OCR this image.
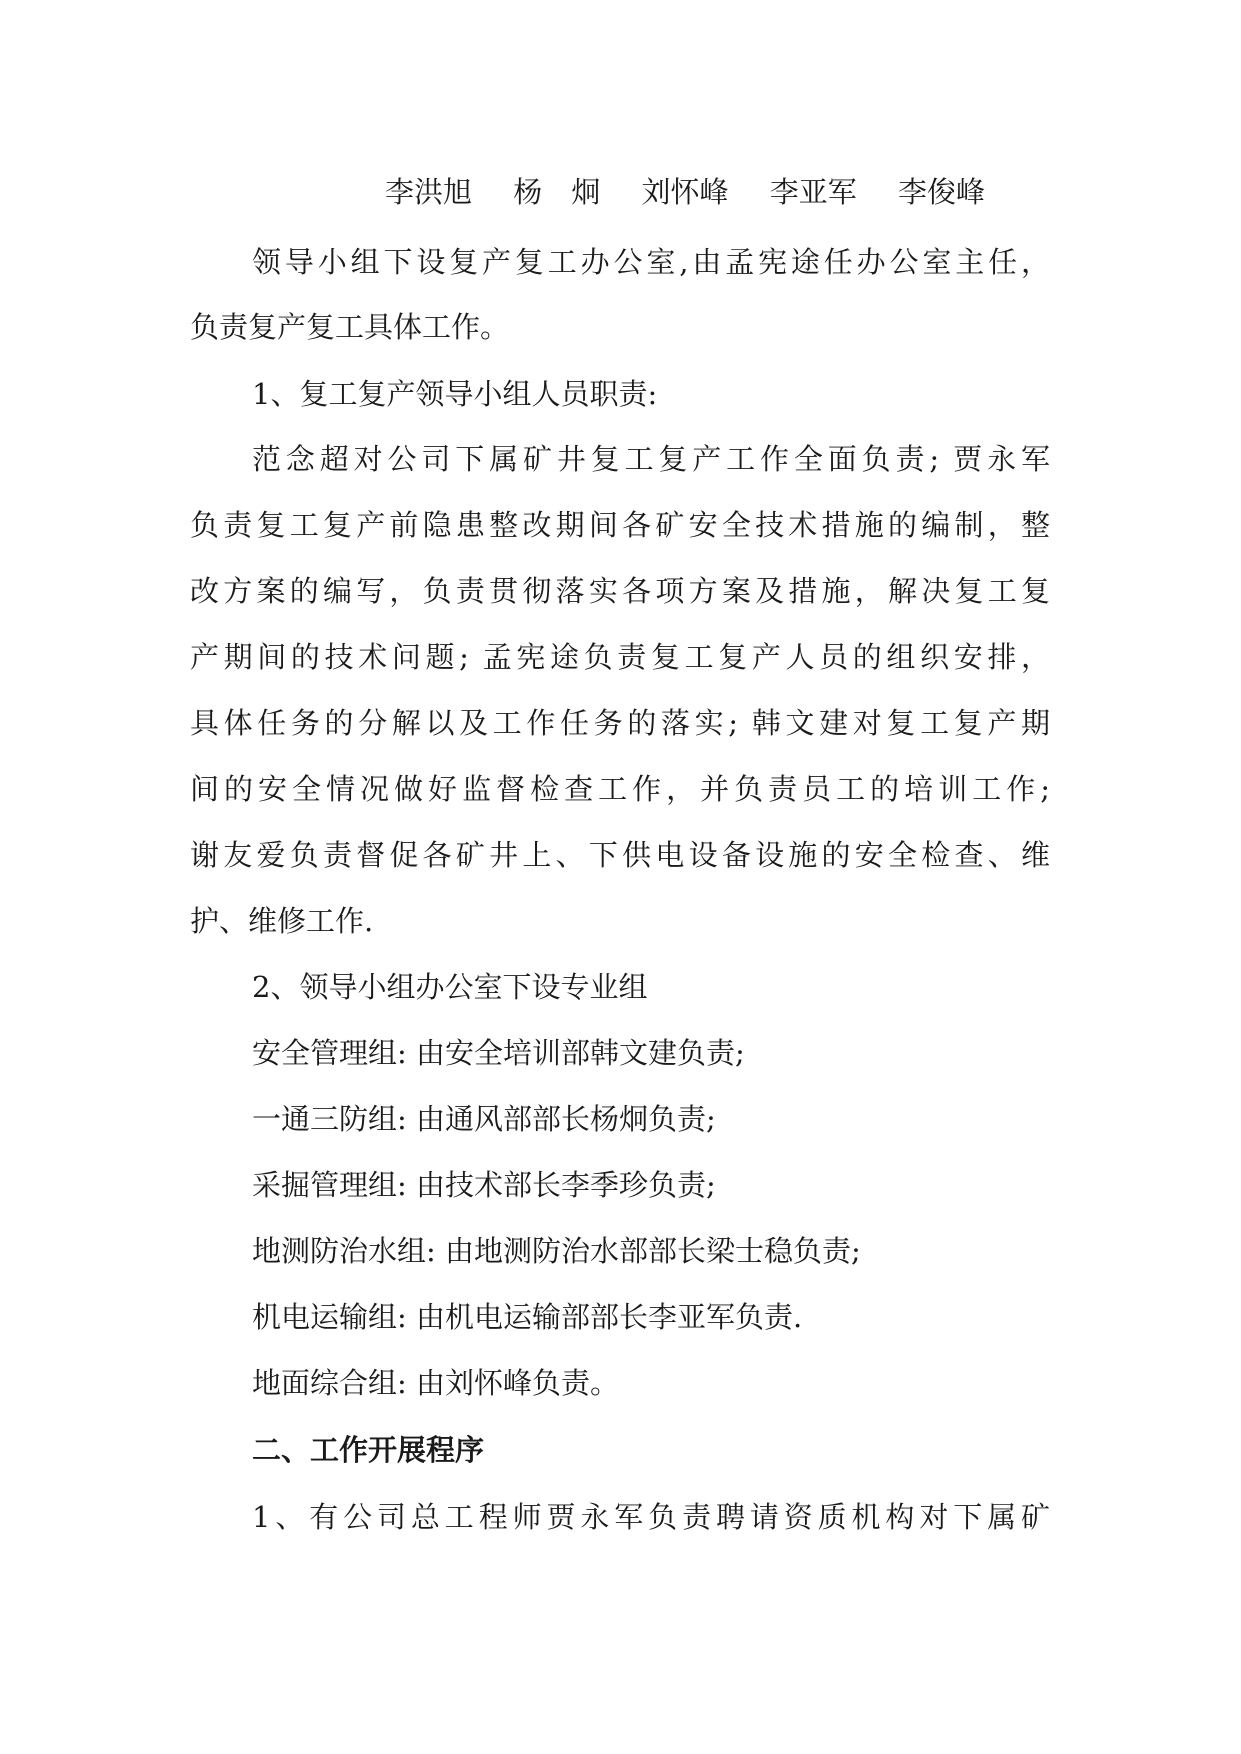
李洪旭 杨　炯 刘怀峰 李亚军 李俊峰
领导小组下设复产复工办公室,由孟宪途任办公室主任，
负责复产复工具体工作。
1、复工复产领导小组人员职责:
范念超对公司下属矿井复工复产工作全面负责; 贾永军
负责复工复产前隐患整改期间各矿安全技术措施的编制，整
改方案的编写，负责贯彻落实各项方案及措施，解决复工复
产期间的技术问题; 孟宪途负责复工复产人员的组织安排，
具体任务的分解以及工作任务的落实; 韩文建对复工复产期
间的安全情况做好监督检查工作，并负责员工的培训工作;
谢友爱负责督促各矿井上、下供电设备设施的安全检查、维
护、维修工作.
2、领导小组办公室下设专业组
安全管理组: 由安全培训部韩文建负责;
一通三防组: 由通风部部长杨炯负责;
采掘管理组: 由技术部长李季珍负责;
地测防治水组: 由地测防治水部部长梁士稳负责;
机电运输组: 由机电运输部部长李亚军负责.
地面综合组: 由刘怀峰负责。
二、工作开展程序
1、有公司总工程师贾永军负责聘请资质机构对下属矿
